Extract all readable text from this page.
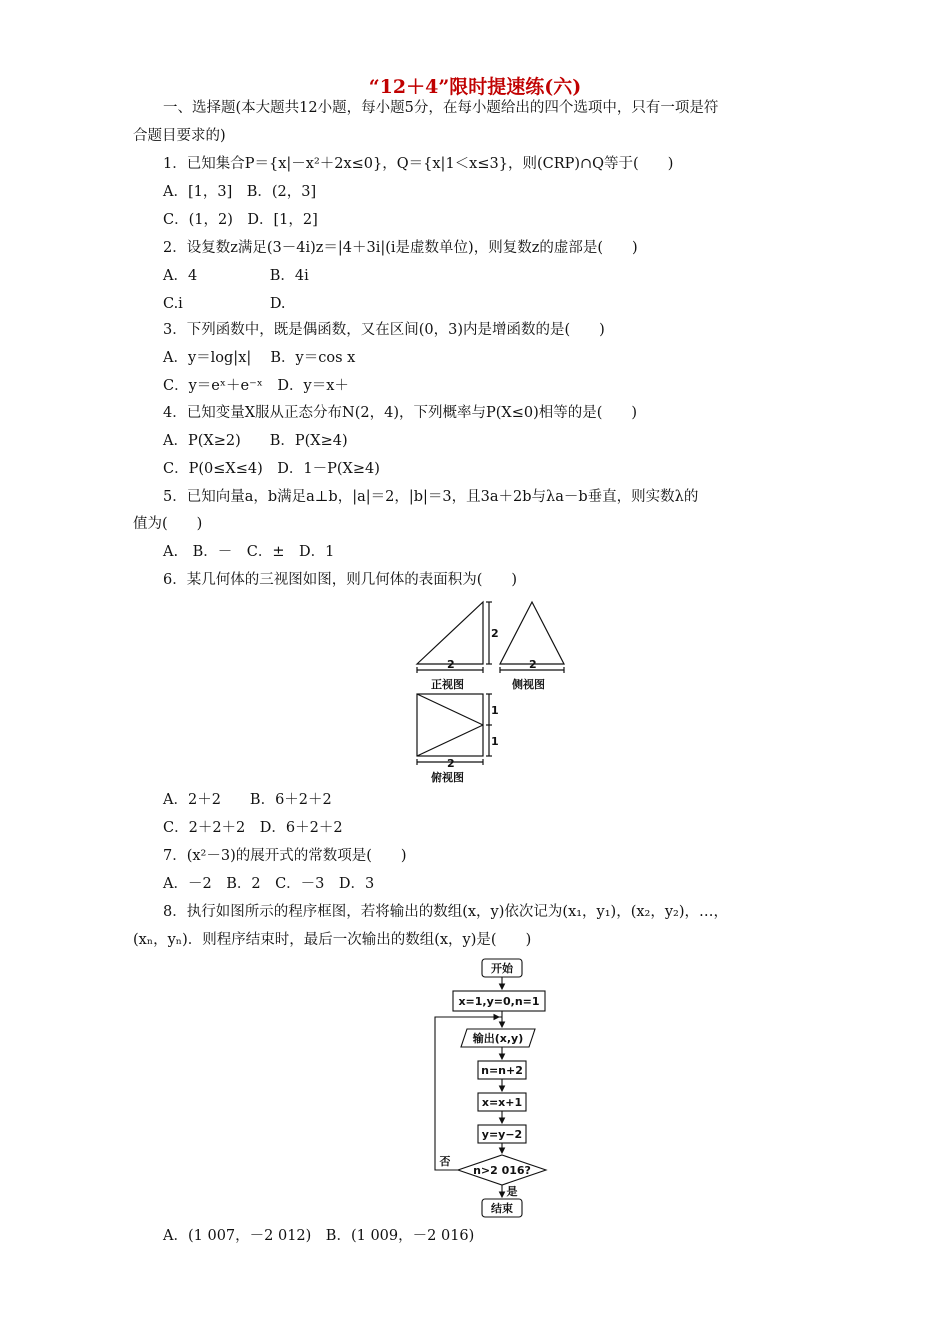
“12＋4”限时提速练(六)
一、选择题(本大题共12小题，每小题5分，在每小题给出的四个选项中，只有一项是符
合题目要求的)
1．已知集合P＝{x|－x²＋2x≤0}，Q＝{x|1＜x≤3}，则(CRP)∩Q等于(　　)
A．[1，3]　B．(2，3]
C．(1，2)　D．[1，2]
2．设复数z满足(3－4i)z＝|4＋3i|(i是虚数单位)，则复数z的虚部是(　　)
A．4　　　　　B．4i
C.i　　　　　　D.
3．下列函数中，既是偶函数，又在区间(0，3)内是增函数的是(　　)
A．y＝log|x|　 B．y＝cos x
C．y＝eˣ＋e⁻ˣ　D．y＝x＋
4．已知变量X服从正态分布N(2，4)，下列概率与P(X≤0)相等的是(　　)
A．P(X≥2)　　B．P(X≥4)
C．P(0≤X≤4)　D．1－P(X≥4)
5．已知向量a，b满足a⊥b，|a|＝2，|b|＝3，且3a＋2b与λa－b垂直，则实数λ的
值为(　　)
A.　B．－　C．±　D．1
6．某几何体的三视图如图，则几何体的表面积为(　　)
2
2
正视图
2
侧视图
1
1
2
俯视图
A．2＋2　　B．6＋2＋2
C．2＋2＋2　D．6＋2＋2
7．(x²－3)的展开式的常数项是(　　)
A．－2　B．2　C．－3　D．3
8．执行如图所示的程序框图，若将输出的数组(x，y)依次记为(x₁，y₁)，(x₂，y₂)，…，
(xₙ，yₙ)．则程序结束时，最后一次输出的数组(x，y)是(　　)
开始
x=1,y=0,n=1
输出(x,y)
n=n+2
x=x+1
y=y−2
n>2 016?
结束
否
是
A．(1 007，－2 012)　B．(1 009，－2 016)
